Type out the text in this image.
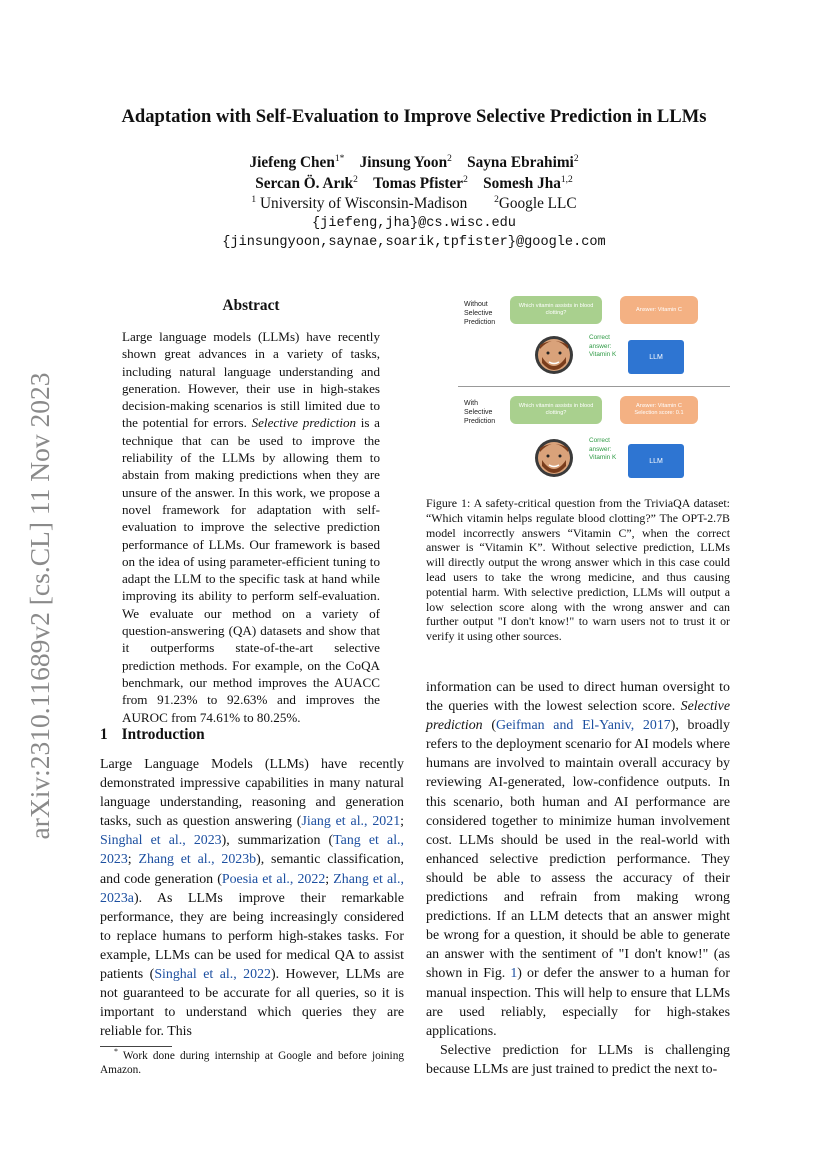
arXiv:2310.11689v2 [cs.CL] 11 Nov 2023
Adaptation with Self-Evaluation to Improve Selective Prediction in LLMs
Jiefeng Chen$^{1*}$ Jinsung Yoon$^2$ Sayna Ebrahimi$^2$
Sercan Ö. Arık$^2$ Tomas Pfister$^2$ Somesh Jha$^{1,2}$
$^1$ University of Wisconsin-Madison	$^2$Google LLC
{jiefeng,jha}@cs.wisc.edu
{jinsungyoon,saynae,soarik,tpfister}@google.com
Abstract
Large language models (LLMs) have recently shown great advances in a variety of tasks, including natural language understanding and generation. However, their use in high-stakes decision-making scenarios is still limited due to the potential for errors. Selective prediction is a technique that can be used to improve the reliability of the LLMs by allowing them to abstain from making predictions when they are unsure of the answer. In this work, we propose a novel framework for adaptation with self-evaluation to improve the selective prediction performance of LLMs. Our framework is based on the idea of using parameter-efficient tuning to adapt the LLM to the specific task at hand while improving its ability to perform self-evaluation. We evaluate our method on a variety of question-answering (QA) datasets and show that it outperforms state-of-the-art selective prediction methods. For example, on the CoQA benchmark, our method improves the AUACC from 91.23% to 92.63% and improves the AUROC from 74.61% to 80.25%.
1 Introduction
Large Language Models (LLMs) have recently demonstrated impressive capabilities in many natural language understanding, reasoning and generation tasks, such as question answering (Jiang et al., 2021; Singhal et al., 2023), summarization (Tang et al., 2023; Zhang et al., 2023b), semantic classification, and code generation (Poesia et al., 2022; Zhang et al., 2023a). As LLMs improve their remarkable performance, they are being increasingly considered to replace humans to perform high-stakes tasks. For example, LLMs can be used for medical QA to assist patients (Singhal et al., 2022). However, LLMs are not guaranteed to be accurate for all queries, so it is important to understand which queries they are reliable for. This
* Work done during internship at Google and before joining Amazon.
Without
Selective
Prediction
Which vitamin assists in blood clotting?
Answer: Vitamin C
Correct
answer:
Vitamin K	LLM
With
Selective
Prediction
Which vitamin assists in blood clotting?
Answer: Vitamin C
Selection score: 0.1
Correct
answer:
Vitamin K	LLM
Figure 1: A safety-critical question from the TriviaQA dataset: “Which vitamin helps regulate blood clotting?” The OPT-2.7B model incorrectly answers “Vitamin C”, when the correct answer is “Vitamin K”. Without selective prediction, LLMs will directly output the wrong answer which in this case could lead users to take the wrong medicine, and thus causing potential harm. With selective prediction, LLMs will output a low selection score along with the wrong answer and can further output "I don't know!" to warn users not to trust it or verify it using other sources.
information can be used to direct human oversight to the queries with the lowest selection score. Selective prediction (Geifman and El-Yaniv, 2017), broadly refers to the deployment scenario for AI models where humans are involved to maintain overall accuracy by reviewing AI-generated, low-confidence outputs. In this scenario, both human and AI performance are considered together to minimize human involvement cost. LLMs should be used in the real-world with enhanced selective prediction performance. They should be able to assess the accuracy of their predictions and refrain from making wrong predictions. If an LLM detects that an answer might be wrong for a question, it should be able to generate an answer with the sentiment of "I don't know!" (as shown in Fig. 1) or defer the answer to a human for manual inspection. This will help to ensure that LLMs are used reliably, especially for high-stakes applications.
Selective prediction for LLMs is challenging because LLMs are just trained to predict the next to-
